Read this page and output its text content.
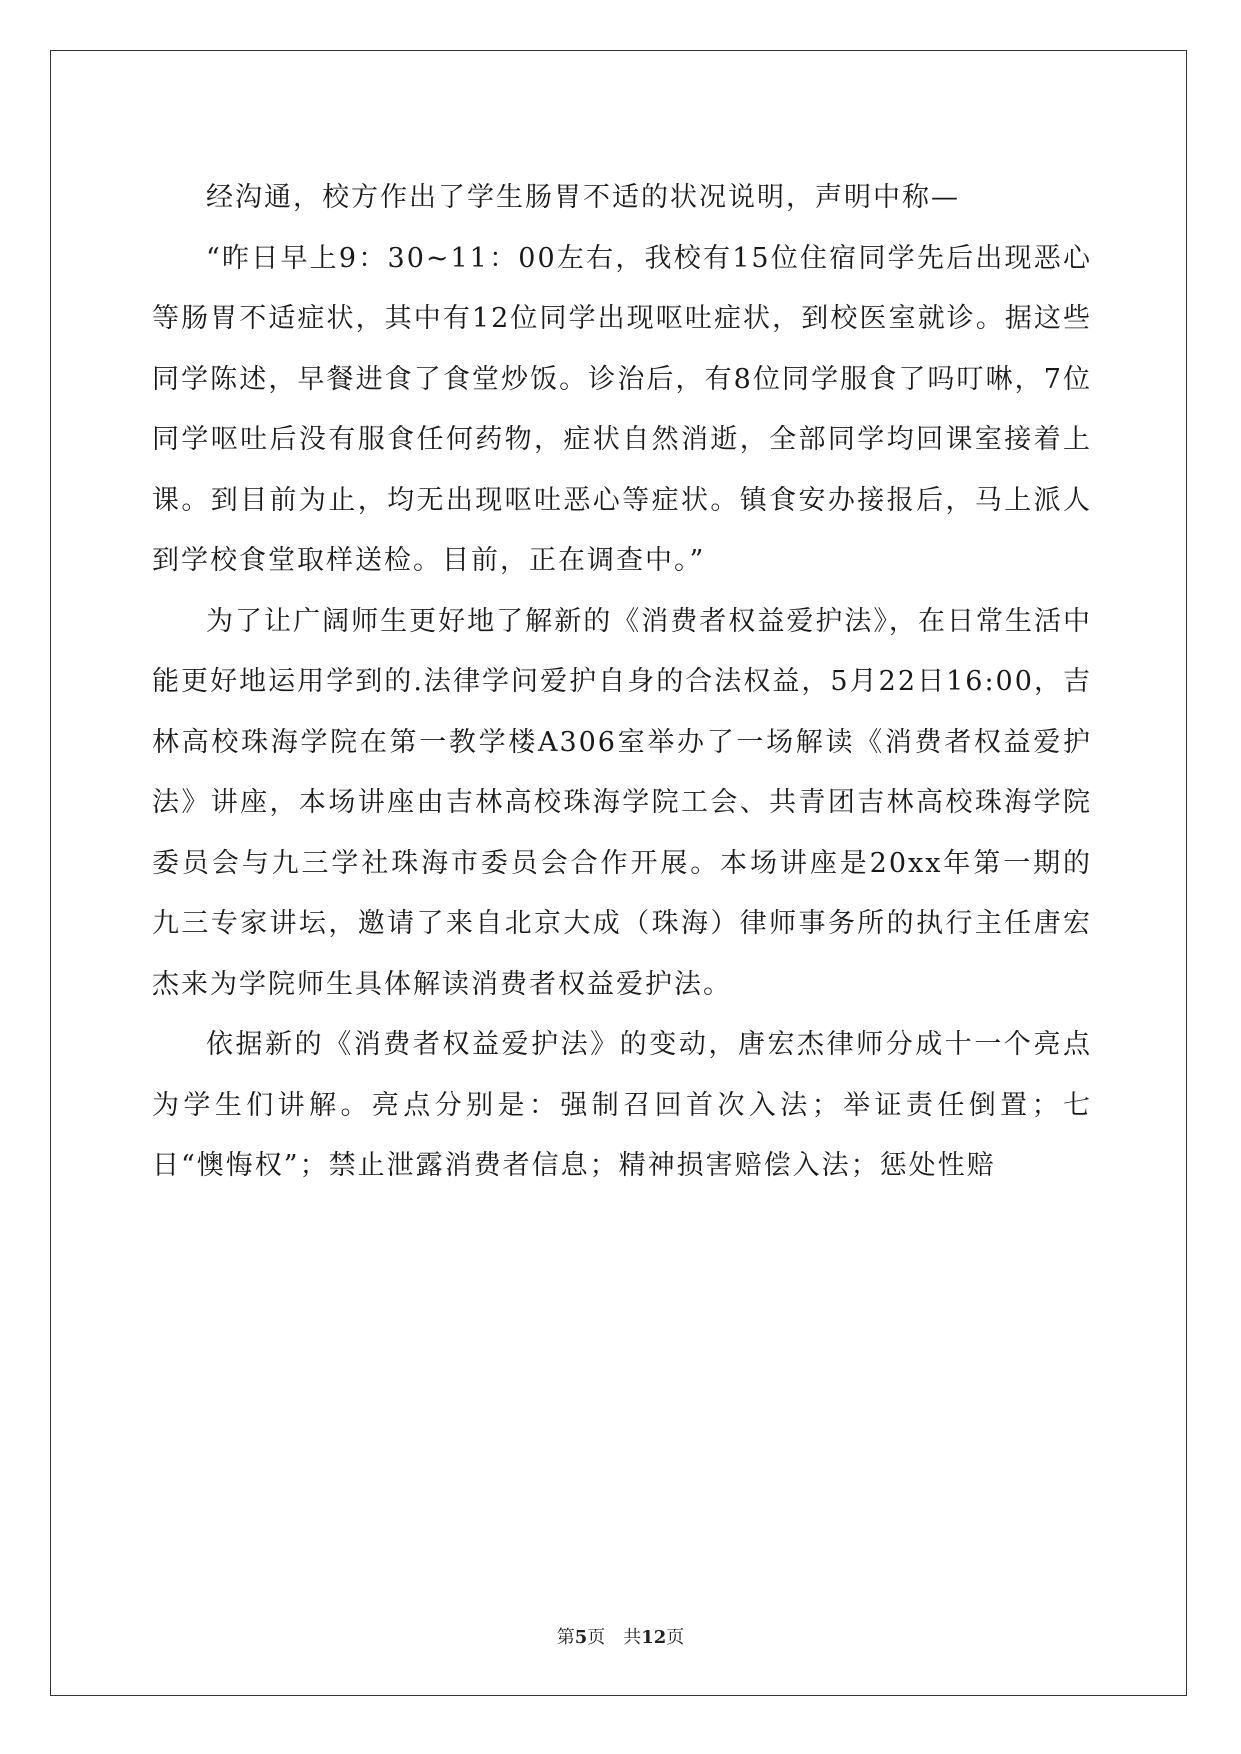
经沟通，校方作出了学生肠胃不适的状况说明，声明中称—

“昨日早上9：30~11：00左右，我校有15位住宿同学先后出现恶心等肠胃不适症状，其中有12位同学出现呕吐症状，到校医室就诊。据这些同学陈述，早餐进食了食堂炒饭。诊治后，有8位同学服食了吗叮啉，7位同学呕吐后没有服食任何药物，症状自然消逝，全部同学均回课室接着上课。到目前为止，均无出现呕吐恶心等症状。镇食安办接报后，马上派人到学校食堂取样送检。目前，正在调查中。”

为了让广阔师生更好地了解新的《消费者权益爱护法》，在日常生活中能更好地运用学到的.法律学问爱护自身的合法权益，5月22日16:00，吉林高校珠海学院在第一教学楼A306室举办了一场解读《消费者权益爱护法》讲座，本场讲座由吉林高校珠海学院工会、共青团吉林高校珠海学院委员会与九三学社珠海市委员会合作开展。本场讲座是20xx年第一期的九三专家讲坛，邀请了来自北京大成（珠海）律师事务所的执行主任唐宏杰来为学院师生具体解读消费者权益爱护法。

依据新的《消费者权益爱护法》的变动，唐宏杰律师分成十一个亮点为学生们讲解。亮点分别是：强制召回首次入法；举证责任倒置；七日“懊悔权”；禁止泄露消费者信息；精神损害赔偿入法；惩处性赔

第5页 共12页
